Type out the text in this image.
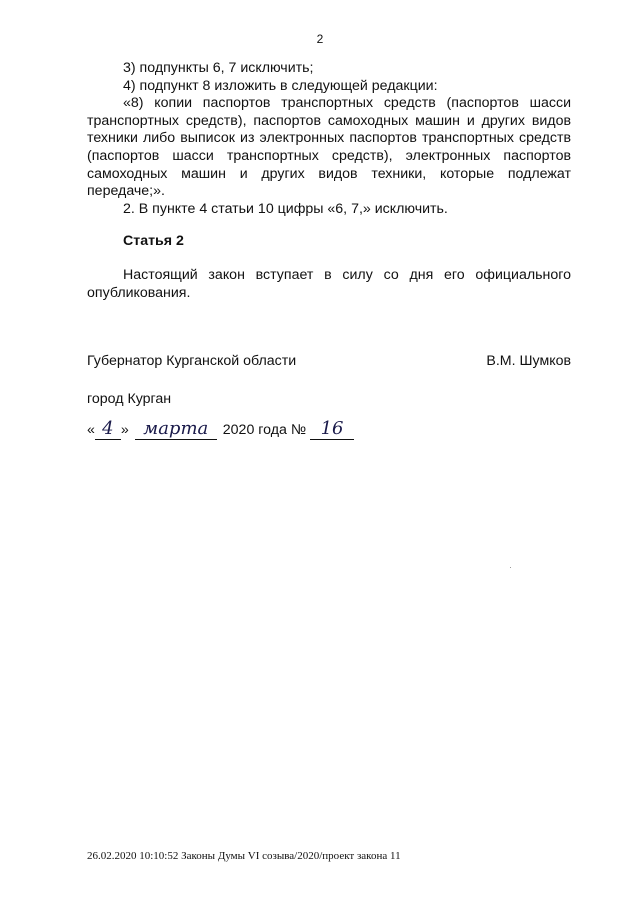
2

3) подпункты 6, 7 исключить;

4) подпункт 8 изложить в следующей редакции:

«8) копии паспортов транспортных средств (паспортов шасси транспортных средств), паспортов самоходных машин и других видов техники либо выписок из электронных паспортов транспортных средств (паспортов шасси транспортных средств), электронных паспортов самоходных машин и других видов техники, которые подлежат передаче;».

2. В пункте 4 статьи 10 цифры «6, 7,» исключить.

Статья 2

Настоящий закон вступает в силу со дня его официального опубликования.

Губернатор Курганской области	В.М. Шумков
город Курган
« 4 » марта	2020 года № 16
26.02.2020 10:10:52 Законы Думы VI созыва/2020/проект закона 11
